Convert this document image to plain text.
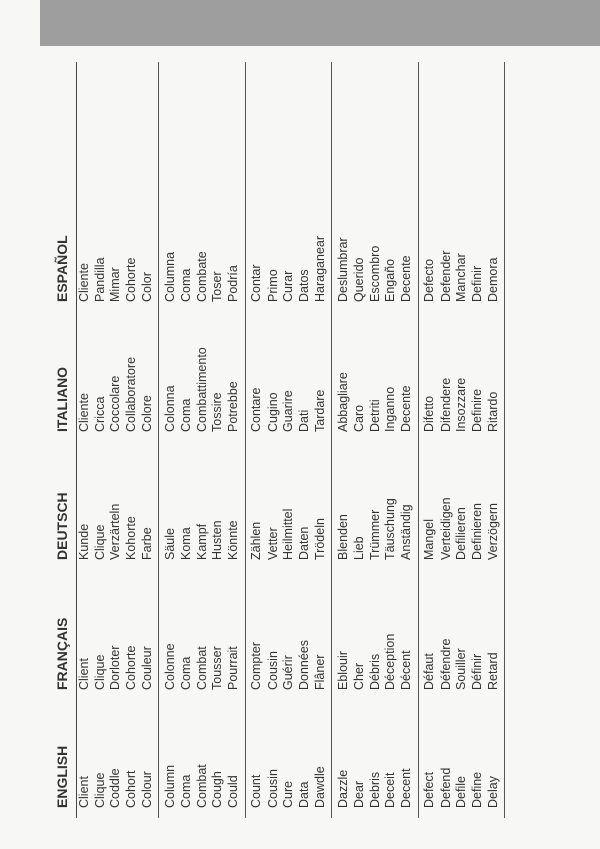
ENGLISH	FRANÇAIS	DEUTSCH	ITALIANO	ESPAÑOL	
Client	Client	Kunde	Cliente	Cliente	
Clique	Clique	Clique	Cricca	Pandilla	
Coddle	Dorloter	Verzärteln	Coccolare	Mimar	
Cohort	Cohorte	Kohorte	Collaboratore	Cohorte	
Colour	Couleur	Farbe	Colore	Color	
Column	Colonne	Säule	Colonna	Columna	
Coma	Coma	Koma	Coma	Coma	
Combat	Combat	Kampf	Combattimento	Combate	
Cough	Tousser	Husten	Tossire	Toser	
Could	Pourrait	Könnte	Potrebbe	Podría	
Count	Compter	Zählen	Contare	Contar	
Cousin	Cousin	Vetter	Cugino	Primo	
Cure	Guérir	Heilmittel	Guarire	Curar	
Data	Données	Daten	Dati	Datos	
Dawdle	Flâner	Trödeln	Tardare	Haraganear	
Dazzle	Eblouir	Blenden	Abbagliare	Deslumbrar	
Dear	Cher	Lieb	Caro	Querido	
Debris	Débris	Trümmer	Detriti	Escombro	
Deceit	Déception	Täuschung	Inganno	Engaño	
Decent	Décent	Anständig	Decente	Decente	
Defect	Défaut	Mangel	Difetto	Defecto	
Defend	Défendre	Verteidigen	Difendere	Defender	
Defile	Souiller	Defilieren	Insozzare	Manchar	
Define	Définir	Definieren	Definire	Definir	
Delay	Retard	Verzögern	Ritardo	Demora	
